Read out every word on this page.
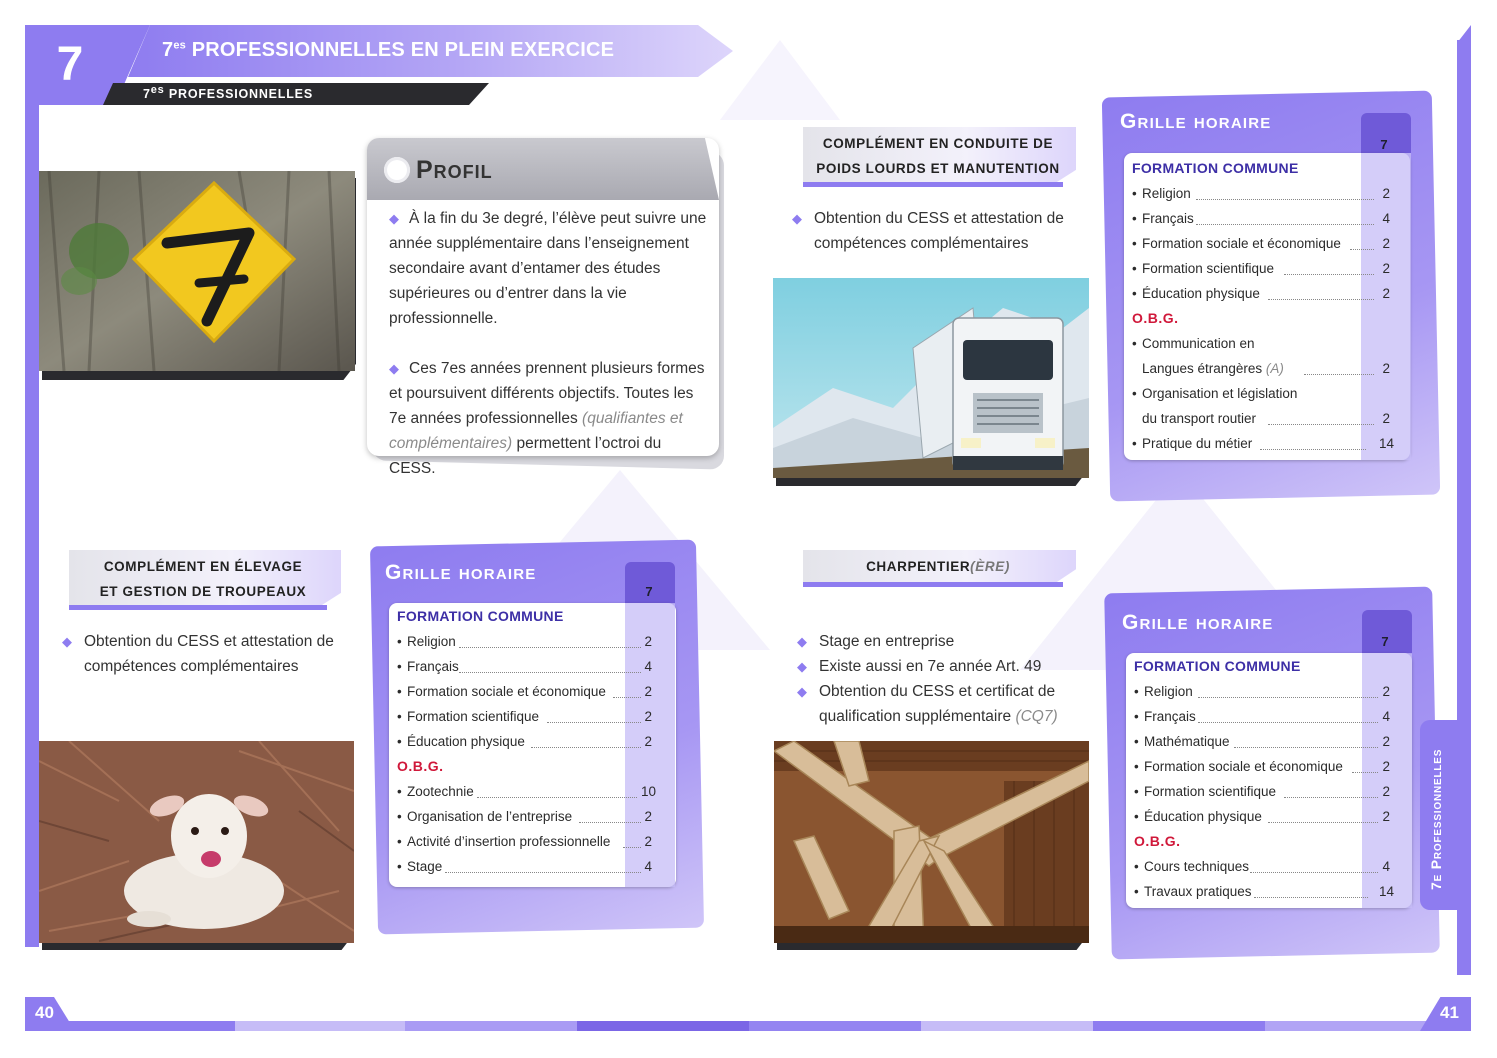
7	$7^{es}$ PROFESSIONNELLES EN PLEIN EXERCICE
$7^{es}$ PROFESSIONNELLES
Profil
◆ À la fin du 3e degré, l’élève peut suivre une année supplémentaire dans l’enseignement secondaire avant d’entamer des études supérieures ou d’entrer dans la vie professionnelle.
◆ Ces 7es années prennent plusieurs formes et poursuivent différents objectifs. Toutes les 7e années professionnelles (qualifiantes et complémentaires) permettent l’octroi du CESS.
COMPLÉMENT EN CONDUITE DE
POIDS LOURDS ET MANUTENTION
◆ Obtention du CESS et attestation de compétences complémentaires
Grille horaire
7
FORMATION COMMUNE
• Religion	2
• Français	4
• Formation sociale et économique	2
• Formation scientifique	2
• Éducation physique	2
O.B.G.
• Communication en
Langues étrangères (A)	2
• Organisation et législation
du transport routier	2
• Pratique du métier	14
COMPLÉMENT EN ÉLEVAGE
ET GESTION DE TROUPEAUX
◆ Obtention du CESS et attestation de compétences complémentaires
Grille horaire
7
FORMATION COMMUNE
• Religion	2
• Français	4
• Formation sociale et économique	2
• Formation scientifique	2
• Éducation physique	2
O.B.G.
• Zootechnie	10
• Organisation de l’entreprise	2
• Activité d’insertion professionnelle	2
• Stage	4
CHARPENTIER(ÈRE)
◆ Stage en entreprise
◆ Existe aussi en 7e année Art. 49
◆ Obtention du CESS et certificat de qualification supplémentaire (CQ7)
Grille horaire
7
FORMATION COMMUNE
• Religion	2
• Français	4
• Mathématique	2
• Formation sociale et économique	2
• Formation scientifique	2
• Éducation physique	2
O.B.G.
• Cours techniques	4
• Travaux pratiques	14
7e Professionnelles
40	41
